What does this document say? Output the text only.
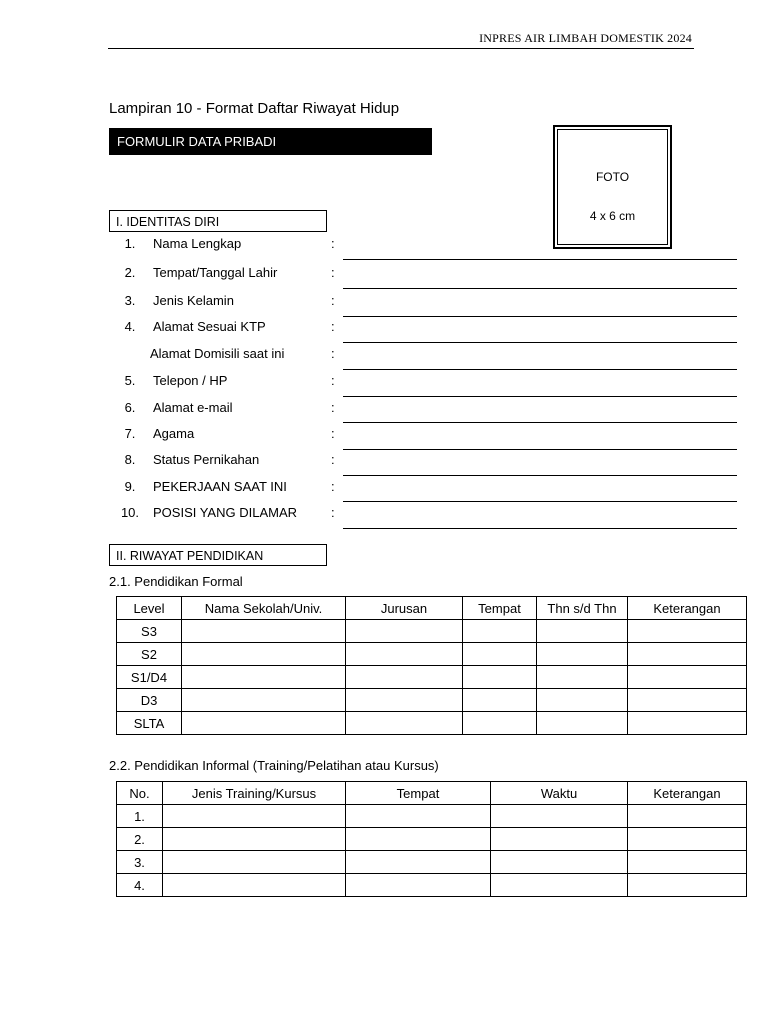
INPRES AIR LIMBAH DOMESTIK 2024
Lampiran 10 - Format Daftar Riwayat Hidup
FORMULIR DATA PRIBADI
FOTO
4 x 6 cm
I. IDENTITAS DIRI
1.	Nama Lengkap	:
2.	Tempat/Tanggal Lahir	:
3.	Jenis Kelamin	:
4.	Alamat Sesuai KTP	:
Alamat Domisili saat ini	:
5.	Telepon / HP	:
6.	Alamat e-mail	:
7.	Agama	:
8.	Status Pernikahan	:
9.	PEKERJAAN SAAT INI	:
10. POSISI YANG DILAMAR	:
II. RIWAYAT PENDIDIKAN
2.1. Pendidikan Formal
Level	Nama Sekolah/Univ.	Jurusan	Tempat	Thn s/d Thn	Keterangan
S3					
S2					
S1/D4					
D3					
SLTA					
2.2. Pendidikan Informal (Training/Pelatihan atau Kursus)
No.	Jenis Training/Kursus	Tempat	Waktu	Keterangan
1.				
2.				
3.				
4.				
